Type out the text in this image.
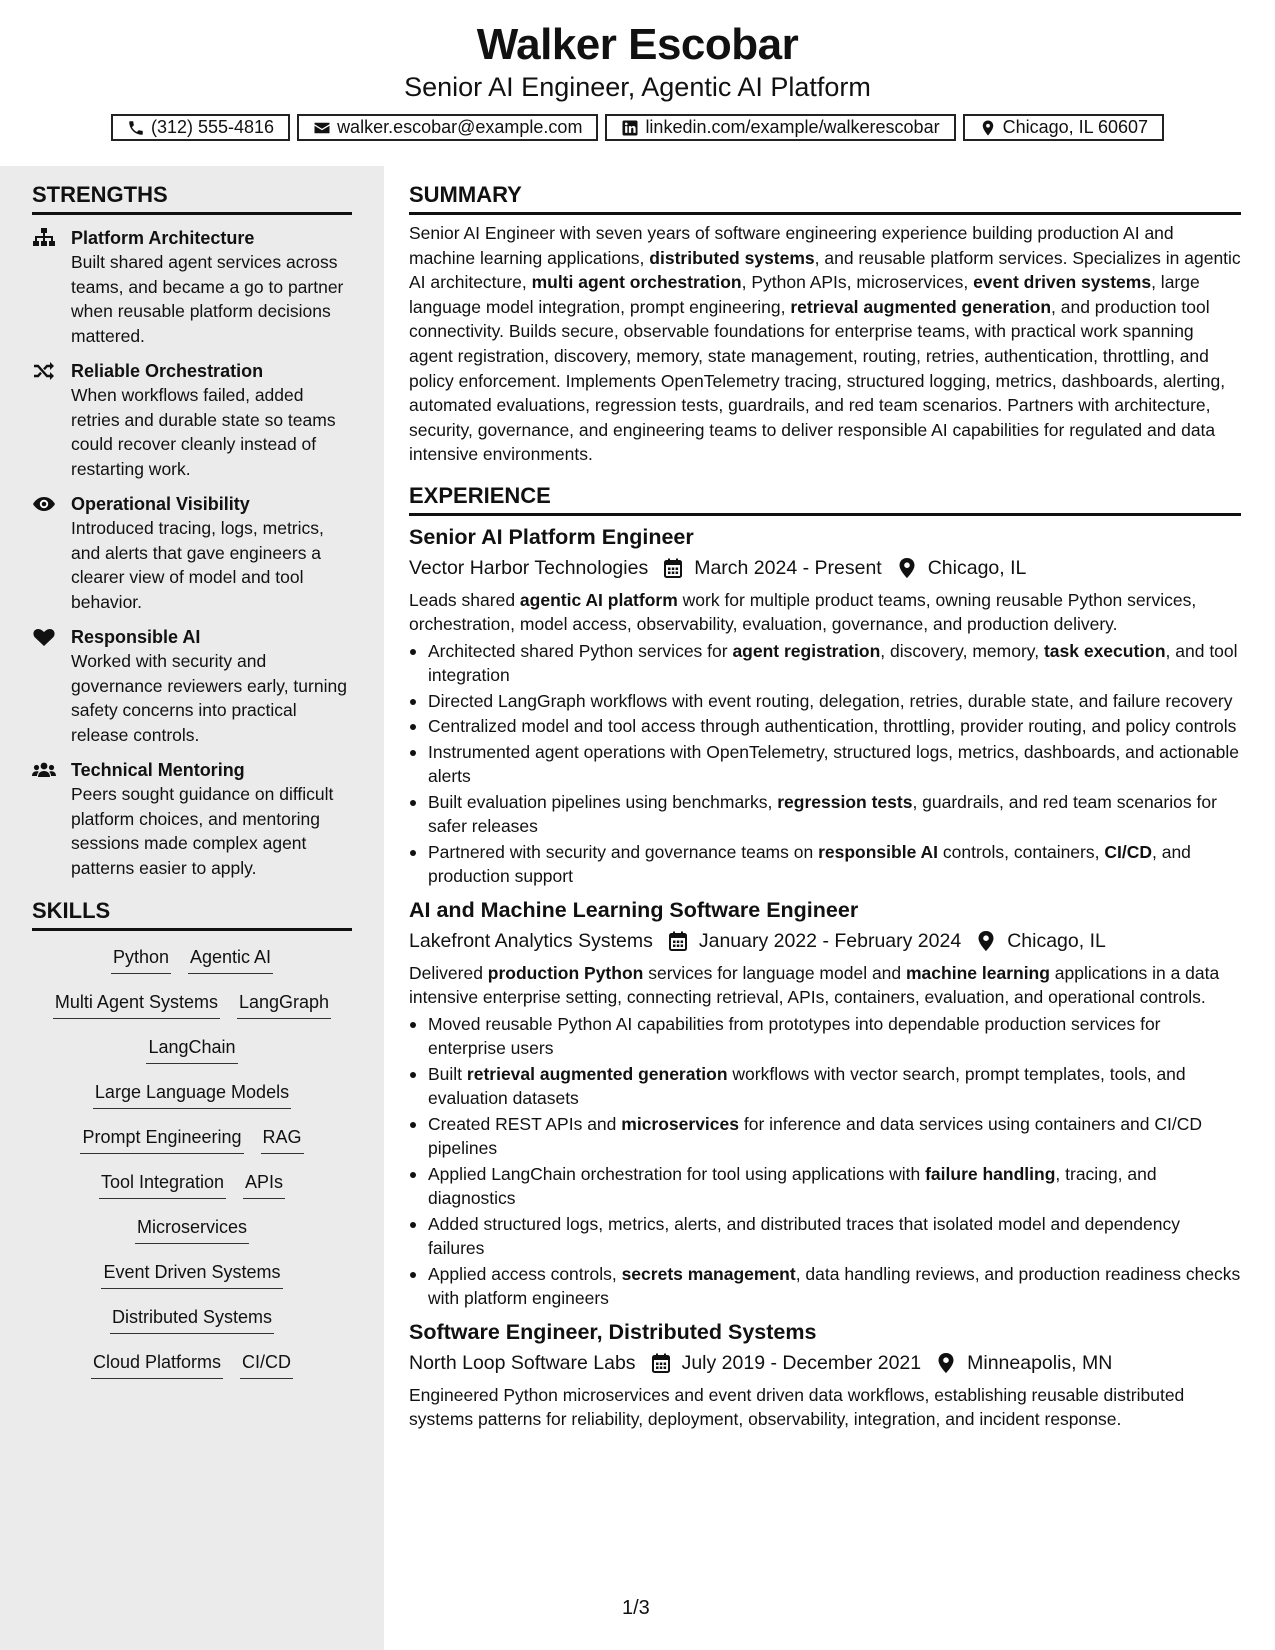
Walker Escobar
Senior AI Engineer, Agentic AI Platform
(312) 555-4816	walker.escobar@example.com	linkedin.com/example/walkerescobar	Chicago, IL 60607
STRENGTHS
Platform Architecture
Built shared agent services across teams, and became a go to partner when reusable platform decisions mattered.
Reliable Orchestration
When workflows failed, added retries and durable state so teams could recover cleanly instead of restarting work.
Operational Visibility
Introduced tracing, logs, metrics, and alerts that gave engineers a clearer view of model and tool behavior.
Responsible AI
Worked with security and governance reviewers early, turning safety concerns into practical release controls.
Technical Mentoring
Peers sought guidance on difficult platform choices, and mentoring sessions made complex agent patterns easier to apply.
SKILLS
Python Agentic AI
Multi Agent Systems LangGraph
LangChain
Large Language Models
Prompt Engineering RAG
Tool Integration APIs
Microservices
Event Driven Systems
Distributed Systems
Cloud Platforms CI/CD
SUMMARY
Senior AI Engineer with seven years of software engineering experience building production AI and machine learning applications, distributed systems, and reusable platform services. Specializes in agentic AI architecture, multi agent orchestration, Python APIs, microservices, event driven systems, large language model integration, prompt engineering, retrieval augmented generation, and production tool connectivity. Builds secure, observable foundations for enterprise teams, with practical work spanning agent registration, discovery, memory, state management, routing, retries, authentication, throttling, and policy enforcement. Implements OpenTelemetry tracing, structured logging, metrics, dashboards, alerting, automated evaluations, regression tests, guardrails, and red team scenarios. Partners with architecture, security, governance, and engineering teams to deliver responsible AI capabilities for regulated and data intensive environments.
EXPERIENCE
Senior AI Platform Engineer
Vector Harbor Technologies March 2024 - Present Chicago, IL
Leads shared agentic AI platform work for multiple product teams, owning reusable Python services, orchestration, model access, observability, evaluation, governance, and production delivery.
Architected shared Python services for agent registration, discovery, memory, task execution, and tool integration
Directed LangGraph workflows with event routing, delegation, retries, durable state, and failure recovery
Centralized model and tool access through authentication, throttling, provider routing, and policy controls
Instrumented agent operations with OpenTelemetry, structured logs, metrics, dashboards, and actionable alerts
Built evaluation pipelines using benchmarks, regression tests, guardrails, and red team scenarios for safer releases
Partnered with security and governance teams on responsible AI controls, containers, CI/CD, and production support
AI and Machine Learning Software Engineer
Lakefront Analytics Systems January 2022 - February 2024 Chicago, IL
Delivered production Python services for language model and machine learning applications in a data intensive enterprise setting, connecting retrieval, APIs, containers, evaluation, and operational controls.
Moved reusable Python AI capabilities from prototypes into dependable production services for enterprise users
Built retrieval augmented generation workflows with vector search, prompt templates, tools, and evaluation datasets
Created REST APIs and microservices for inference and data services using containers and CI/CD pipelines
Applied LangChain orchestration for tool using applications with failure handling, tracing, and diagnostics
Added structured logs, metrics, alerts, and distributed traces that isolated model and dependency failures
Applied access controls, secrets management, data handling reviews, and production readiness checks with platform engineers
Software Engineer, Distributed Systems
North Loop Software Labs July 2019 - December 2021 Minneapolis, MN
Engineered Python microservices and event driven data workflows, establishing reusable distributed systems patterns for reliability, deployment, observability, integration, and incident response.
1/3
